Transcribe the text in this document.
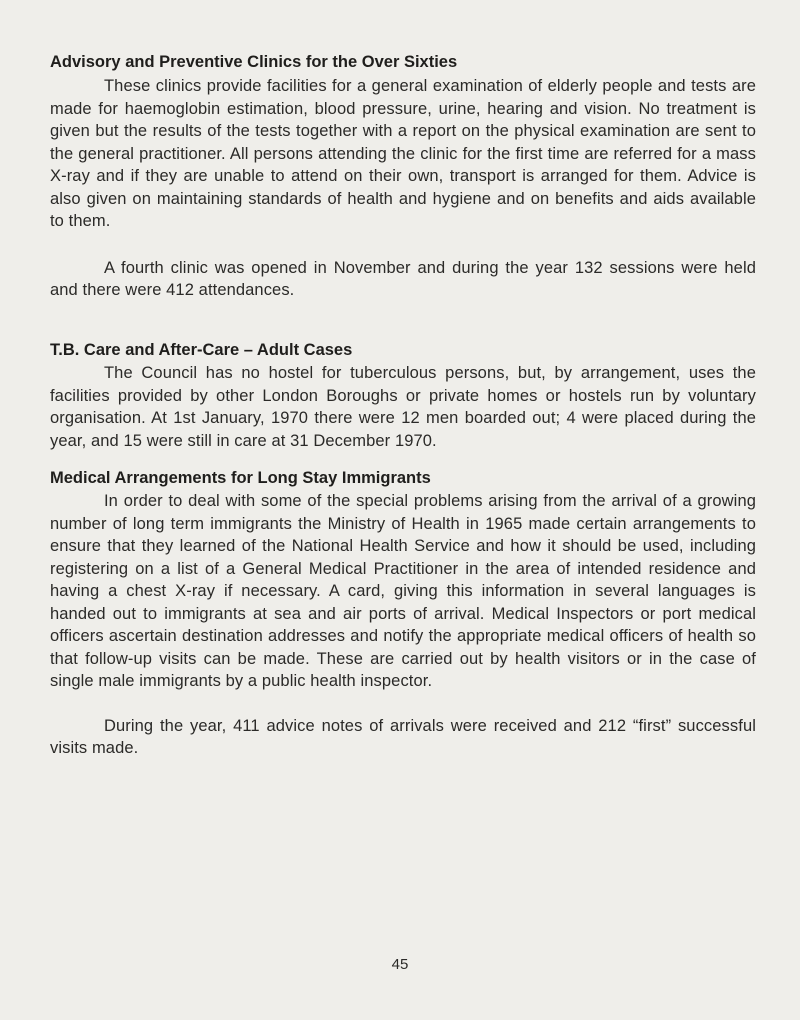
Advisory and Preventive Clinics for the Over Sixties

These clinics provide facilities for a general examination of elderly people and tests are made for haemoglobin estimation, blood pressure, urine, hearing and vision. No treatment is given but the results of the tests together with a report on the physical examination are sent to the general practitioner. All persons attending the clinic for the first time are referred for a mass X-ray and if they are unable to attend on their own, transport is arranged for them. Advice is also given on maintaining standards of health and hygiene and on benefits and aids available to them.

A fourth clinic was opened in November and during the year 132 sessions were held and there were 412 attendances.

T.B. Care and After-Care – Adult Cases

The Council has no hostel for tuberculous persons, but, by arrangement, uses the facilities provided by other London Boroughs or private homes or hostels run by voluntary organisation. At 1st January, 1970 there were 12 men boarded out; 4 were placed during the year, and 15 were still in care at 31 December 1970.

Medical Arrangements for Long Stay Immigrants

In order to deal with some of the special problems arising from the arrival of a growing number of long term immigrants the Ministry of Health in 1965 made certain arrangements to ensure that they learned of the National Health Service and how it should be used, including registering on a list of a General Medical Practitioner in the area of intended residence and having a chest X-ray if necessary. A card, giving this information in several languages is handed out to immigrants at sea and air ports of arrival. Medical Inspectors or port medical officers ascertain destination addresses and notify the appropriate medical officers of health so that follow-up visits can be made. These are carried out by health visitors or in the case of single male immigrants by a public health inspector.

During the year, 411 advice notes of arrivals were received and 212 “first” successful visits made.

45
